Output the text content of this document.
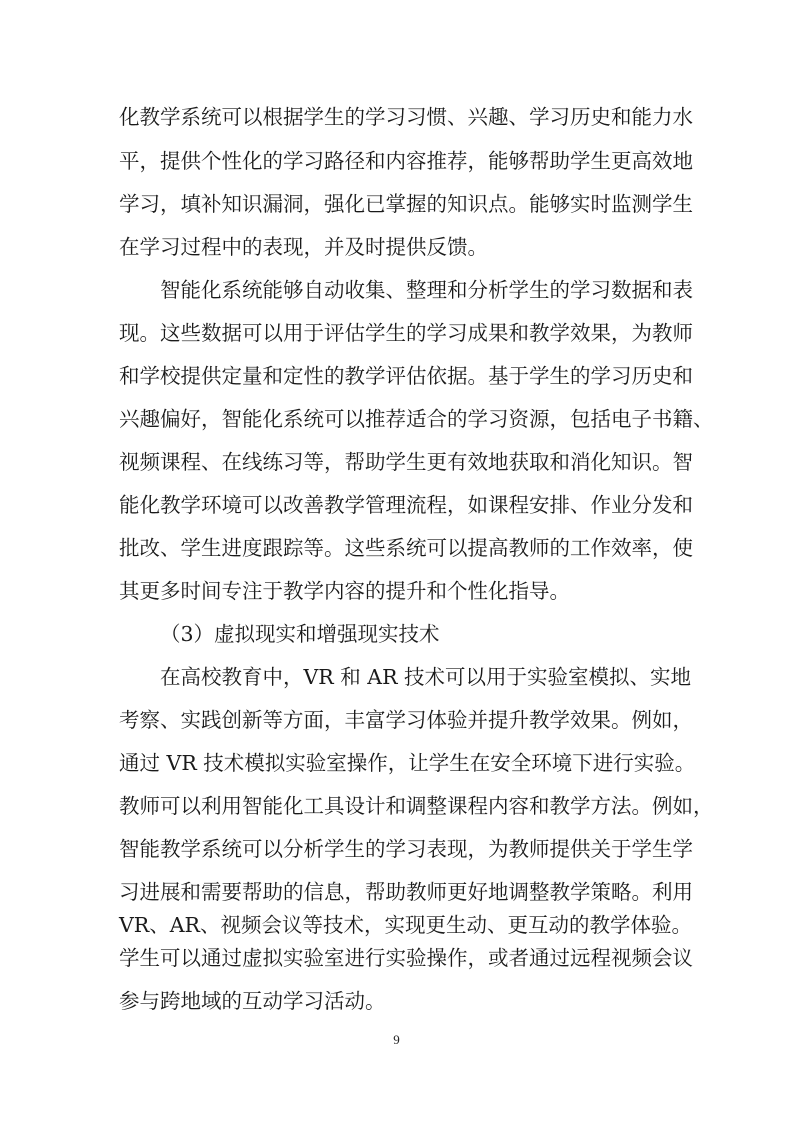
化教学系统可以根据学生的学习习惯、兴趣、学习历史和能力水
平，提供个性化的学习路径和内容推荐，能够帮助学生更高效地
学习，填补知识漏洞，强化已掌握的知识点。能够实时监测学生
在学习过程中的表现，并及时提供反馈。
智能化系统能够自动收集、整理和分析学生的学习数据和表
现。这些数据可以用于评估学生的学习成果和教学效果，为教师
和学校提供定量和定性的教学评估依据。基于学生的学习历史和
兴趣偏好，智能化系统可以推荐适合的学习资源，包括电子书籍、
视频课程、在线练习等，帮助学生更有效地获取和消化知识。智
能化教学环境可以改善教学管理流程，如课程安排、作业分发和
批改、学生进度跟踪等。这些系统可以提高教师的工作效率，使
其更多时间专注于教学内容的提升和个性化指导。
（3）虚拟现实和增强现实技术
在高校教育中，VR 和 AR 技术可以用于实验室模拟、实地
考察、实践创新等方面，丰富学习体验并提升教学效果。例如，
通过 VR 技术模拟实验室操作，让学生在安全环境下进行实验。
教师可以利用智能化工具设计和调整课程内容和教学方法。例如，
智能教学系统可以分析学生的学习表现，为教师提供关于学生学
习进展和需要帮助的信息，帮助教师更好地调整教学策略。利用
VR、AR、视频会议等技术，实现更生动、更互动的教学体验。
学生可以通过虚拟实验室进行实验操作，或者通过远程视频会议
参与跨地域的互动学习活动。
9
